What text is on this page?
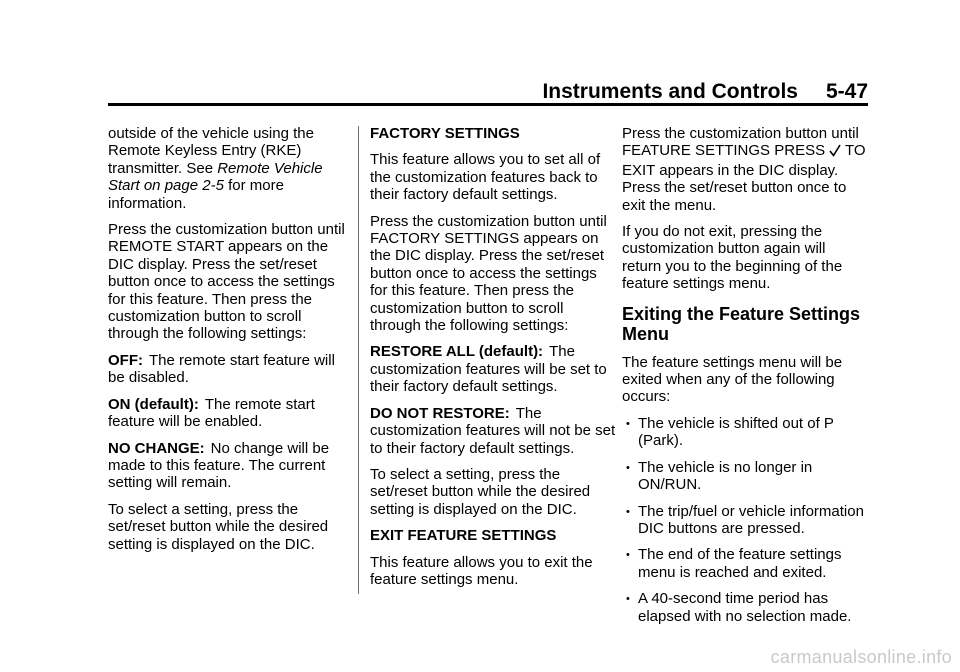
Instruments and Controls 5-47

outside of the vehicle using the Remote Keyless Entry (RKE) transmitter. See Remote Vehicle Start on page 2-5 for more information.

Press the customization button until REMOTE START appears on the DIC display. Press the set/reset button once to access the settings for this feature. Then press the customization button to scroll through the following settings:

OFF: The remote start feature will be disabled.

ON (default): The remote start feature will be enabled.

NO CHANGE: No change will be made to this feature. The current setting will remain.

To select a setting, press the set/reset button while the desired setting is displayed on the DIC.

FACTORY SETTINGS

This feature allows you to set all of the customization features back to their factory default settings.

Press the customization button until FACTORY SETTINGS appears on the DIC display. Press the set/reset button once to access the settings for this feature. Then press the customization button to scroll through the following settings:

RESTORE ALL (default): The customization features will be set to their factory default settings.

DO NOT RESTORE: The customization features will not be set to their factory default settings.

To select a setting, press the set/reset button while the desired setting is displayed on the DIC.

EXIT FEATURE SETTINGS

This feature allows you to exit the feature settings menu.

Press the customization button until FEATURE SETTINGS PRESS TO EXIT appears in the DIC display. Press the set/reset button once to exit the menu.

If you do not exit, pressing the customization button again will return you to the beginning of the feature settings menu.

Exiting the Feature Settings Menu

The feature settings menu will be exited when any of the following occurs:

• The vehicle is shifted out of P (Park).
• The vehicle is no longer in ON/RUN.
• The trip/fuel or vehicle information DIC buttons are pressed.
• The end of the feature settings menu is reached and exited.
• A 40-second time period has elapsed with no selection made.
carmanualsonline.info
